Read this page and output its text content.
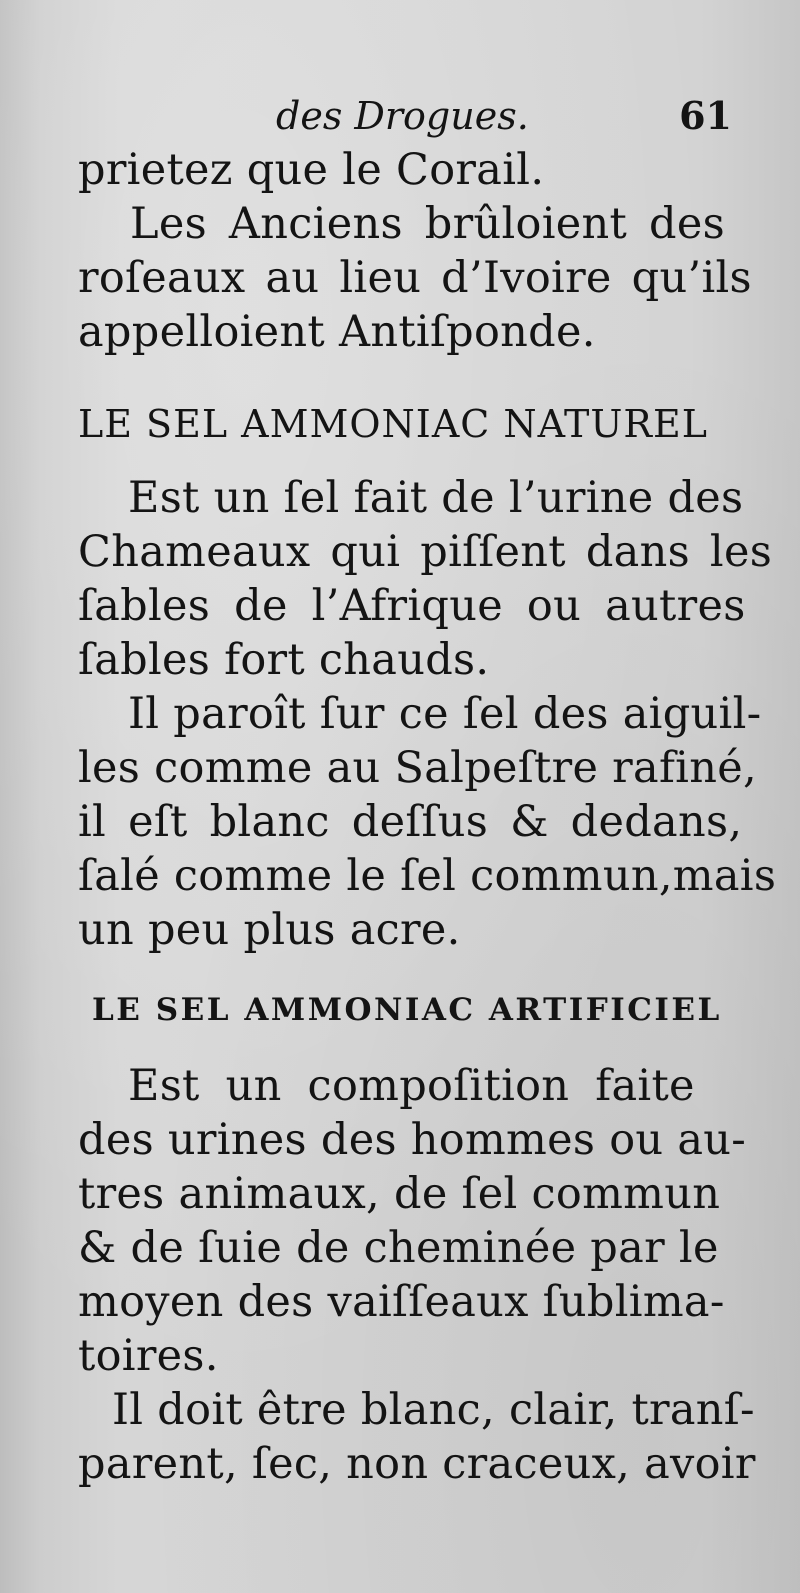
des Drogues.	61

prietez que le Corail.

Les Anciens brûloient des

roſeaux au lieu d’Ivoire qu’ils

appelloient Antiſponde.

LE SEL AMMONIAC NATUREL

Est un ſel fait de l’urine des

Chameaux qui piſſent dans les

ſables de l’Afrique ou autres

ſables fort chauds.

Il paroît ſur ce ſel des aiguil-

les comme au Salpeſtre rafiné,

il eſt blanc deſſus & dedans,

ſalé comme le ſel commun,mais

un peu plus acre.

LE SEL AMMONIAC ARTIFICIEL

Est un compoſition faite

des urines des hommes ou au-

tres animaux, de ſel commun

& de ſuie de cheminée par le

moyen des vaiſſeaux ſublima-

toires.

Il doit être blanc, clair, tranſ-

parent, ſec, non craceux, avoir
